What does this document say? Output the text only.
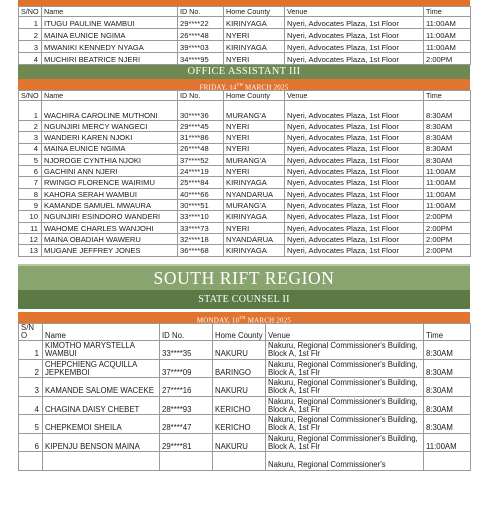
S/NO	Name	ID No.	Home County	Venue	Time
1	ITUGU PAULINE WAMBUI	29****22	KIRINYAGA	Nyeri, Advocates Plaza, 1st Floor	11:00AM
2	MAINA EUNICE NGIMA	26****48	NYERI	Nyeri, Advocates Plaza, 1st Floor	11:00AM
3	MWANIKI KENNEDY NYAGA	39****03	KIRINYAGA	Nyeri, Advocates Plaza, 1st Floor	11:00AM
4	MUCHIRI BEATRICE NJERI	34****95	NYERI	Nyeri, Advocates Plaza, 1st Floor	2:00PM
OFFICE ASSISTANT III
FRIDAY, 14TH MARCH 2025
S/NO	Name	ID No.	Home County	Venue	Time
1	WACHIRA CAROLINE MUTHONI	30****36	MURANG'A	Nyeri, Advocates Plaza, 1st Floor	8:30AM
2	NGUNJIRI MERCY WANGECI	29****45	NYERI	Nyeri, Advocates Plaza, 1st Floor	8:30AM
3	WANDERI KAREN NJOKI	31****86	NYERI	Nyeri, Advocates Plaza, 1st Floor	8:30AM
4	MAINA EUNICE NGIMA	26****48	NYERI	Nyeri, Advocates Plaza, 1st Floor	8:30AM
5	NJOROGE CYNTHIA NJOKI	37****52	MURANG'A	Nyeri, Advocates Plaza, 1st Floor	8:30AM
6	GACHINI ANN NJERI	24****19	NYERI	Nyeri, Advocates Plaza, 1st Floor	11:00AM
7	RWINGO FLORENCE WAIRIMU	25****84	KIRINYAGA	Nyeri, Advocates Plaza, 1st Floor	11:00AM
8	KAHORA SERAH WAMBUI	40****66	NYANDARUA	Nyeri, Advocates Plaza, 1st Floor	11:00AM
9	KAMANDE SAMUEL MWAURA	30****51	MURANG'A	Nyeri, Advocates Plaza, 1st Floor	11:00AM
10	NGUNJIRI ESINDORO WANDERI	33****10	KIRINYAGA	Nyeri, Advocates Plaza, 1st Floor	2:00PM
11	WAHOME CHARLES WANJOHI	33****73	NYERI	Nyeri, Advocates Plaza, 1st Floor	2:00PM
12	MAINA OBADIAH WAWERU	32****18	NYANDARUA	Nyeri, Advocates Plaza, 1st Floor	2:00PM
13	MUGANE JEFFREY JONES	36****68	KIRINYAGA	Nyeri, Advocates Plaza, 1st Floor	2:00PM
SOUTH RIFT REGION
STATE COUNSEL II
MONDAY, 10TH MARCH 2025
S/N O	Name	ID No.	Home County	Venue	Time
1	KIMOTHO MARYSTELLA WAMBUI	33****35	NAKURU	Nakuru, Regional Commissioner's Building, Block A, 1st Flr	8:30AM
2	CHEPCHIENG ACQUILLA JEPKEMBOI	37****09	BARINGO	Nakuru, Regional Commissioner's Building, Block A, 1st Flr	8:30AM
3	KAMANDE SALOME WACEKE	27****16	NAKURU	Nakuru, Regional Commissioner's Building, Block A, 1st Flr	8:30AM
4	CHAGINA DAISY CHEBET	28****93	KERICHO	Nakuru, Regional Commissioner's Building, Block A, 1st Flr	8:30AM
5	CHEPKEMOI SHEILA	28****47	KERICHO	Nakuru, Regional Commissioner's Building, Block A, 1st Flr	8:30AM
6	KIPENJU BENSON MAINA	29****81	NAKURU	Nakuru, Regional Commissioner's Building, Block A, 1st Flr	11:00AM
				Nakuru, Regional Commissioner's	
